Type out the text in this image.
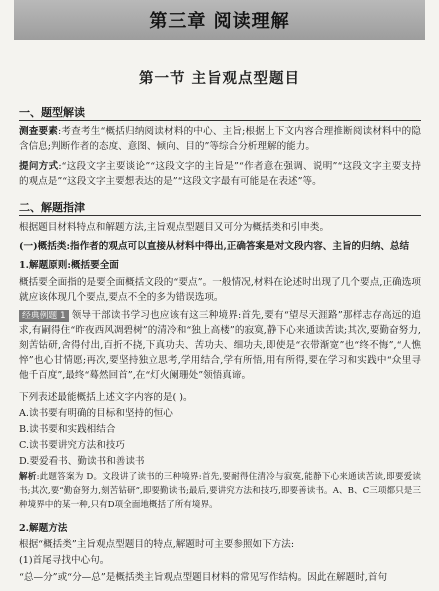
第三章 阅读理解
第一节 主旨观点型题目
一、题型解读
测查要素:考查考生“概括归纳阅读材料的中心、主旨;根据上下文内容合理推断阅读材料中的隐含信息;判断作者的态度、意图、倾向、目的”等综合分析理解的能力。
提问方式:“这段文字主要谈论”“这段文字的主旨是”“作者意在强调、说明”“这段文字主要支持的观点是”“这段文字主要想表达的是”“这段文字最有可能是在表述”等。
二、解题指津
根据题目材料特点和解题方法,主旨观点型题目又可分为概括类和引申类。
(一)概括类:指作者的观点可以直接从材料中得出,正确答案是对文段内容、主旨的归纳、总结
1.解题原则:概括要全面
概括要全面指的是要全面概括文段的“要点”。一般情况,材料在论述时出现了几个要点,正确选项就应该体现几个要点,要点不全的多为错误选项。
经典例题 1 领导干部读书学习也应该有这三种境界:首先,要有“望尽天涯路”那样志存高远的追求,有嗣得住“昨夜西风凋碧树”的清冷和“独上高楼”的寂寞,静下心来通读苦读;其次,要勤奋努力,刻苦钻研,舍得付出,百折不挠,下真功夫、苦功夫、细功夫,即使是“衣带渐宽”也“终不悔”,“人憔悴”也心甘情愿;再次,要坚持独立思考,学用结合,学有所悟,用有所得,要在学习和实践中“众里寻他千百度”,最终“蓦然回首”,在“灯火阑珊处”领悟真谛。
下列表述最能概括上述文字内容的是( )。
A.读书要有明确的目标和坚持的恒心
B.读书要和实践相结合
C.读书要讲究方法和技巧
D.要爱看书、勤读书和善读书
解析:此题答案为 D。文段讲了读书的三种境界:首先,要耐得住清冷与寂寞,能静下心来通读苦读,即要爱读书;其次,要“勤奋努力,刻苦钻研”,即要勤读书;最后,要讲究方法和技巧,即要善读书。A、B、C三项都只是三种境界中的某一种,只有D项全面地概括了所有境界。
2.解题方法
根据“概括类”主旨观点型题目的特点,解题时可主要参照如下方法:
(1)首尾寻找中心句。
“总—分”或“分—总”是概括类主旨观点型题目材料的常见写作结构。因此在解题时,首句
